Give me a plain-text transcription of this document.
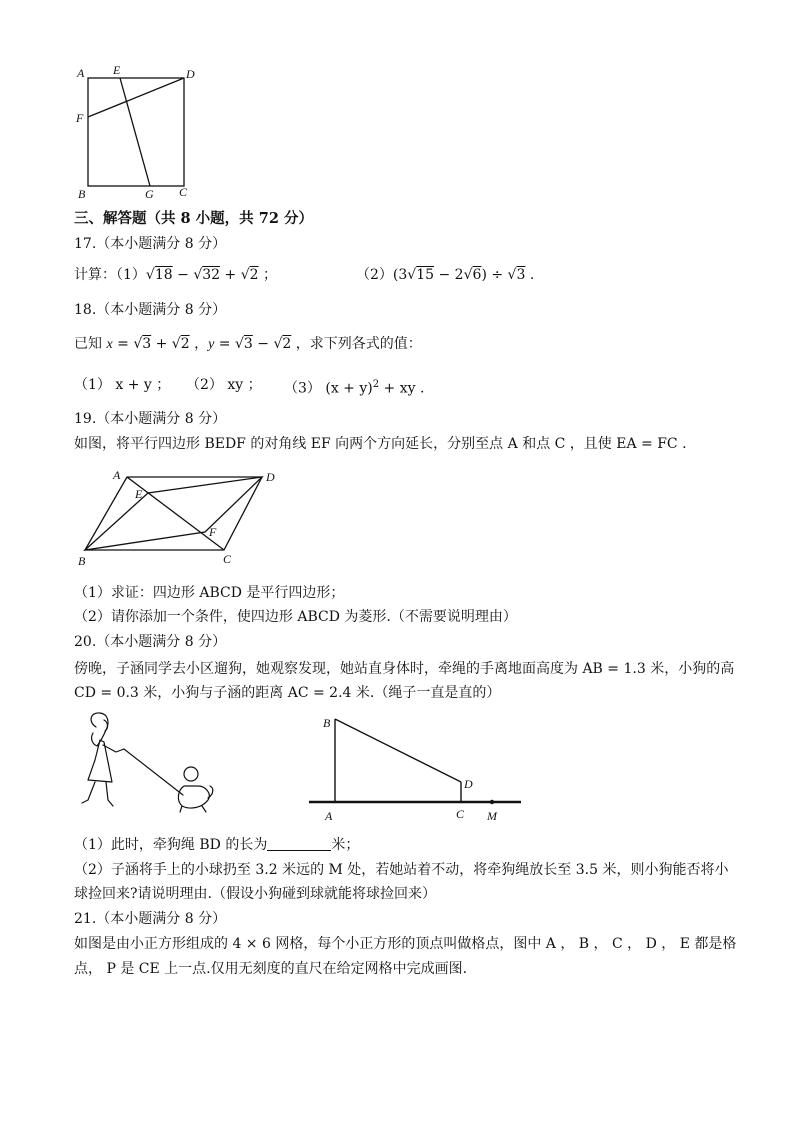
A E	D
F
B	G C
三、解答题（共 8 小题，共 72 分）
17.（本小题满分 8 分）
计算：（1）√18 − √32 + √2 ；	（2）(3√15 − 2√6) ÷ √3 .
18.（本小题满分 8 分）
已知 x = √3 + √2 ，y = √3 − √2 ，求下列各式的值：
（1） x + y ； （2） xy ； （3） $(x + y)^2$ + xy .
19.（本小题满分 8 分）
如图，将平行四边形 BEDF 的对角线 EF 向两个方向延长，分别至点 A 和点 C ，且使 EA = FC .
A	D
E
F
B	C
（1）求证：四边形 ABCD 是平行四边形；
（2）请你添加一个条件，使四边形 ABCD 为菱形.（不需要说明理由）
20.（本小题满分 8 分）
傍晚，子涵同学去小区遛狗，她观察发现，她站直身体时，牵绳的手离地面高度为 AB = 1.3 米，小狗的高
CD = 0.3 米，小狗与子涵的距离 AC = 2.4 米.（绳子一直是直的）
B
D
A	C M
（1）此时，牵狗绳 BD 的长为	米；
（2）子涵将手上的小球扔至 3.2 米远的 M 处，若她站着不动，将牵狗绳放长至 3.5 米，则小狗能否将小
球捡回来?请说明理由.（假设小狗碰到球就能将球捡回来）
21.（本小题满分 8 分）
如图是由小正方形组成的 4 × 6 网格，每个小正方形的顶点叫做格点，图中 A ， B ， C ， D ， E 都是格
点， P 是 CE 上一点.仅用无刻度的直尺在给定网格中完成画图.
